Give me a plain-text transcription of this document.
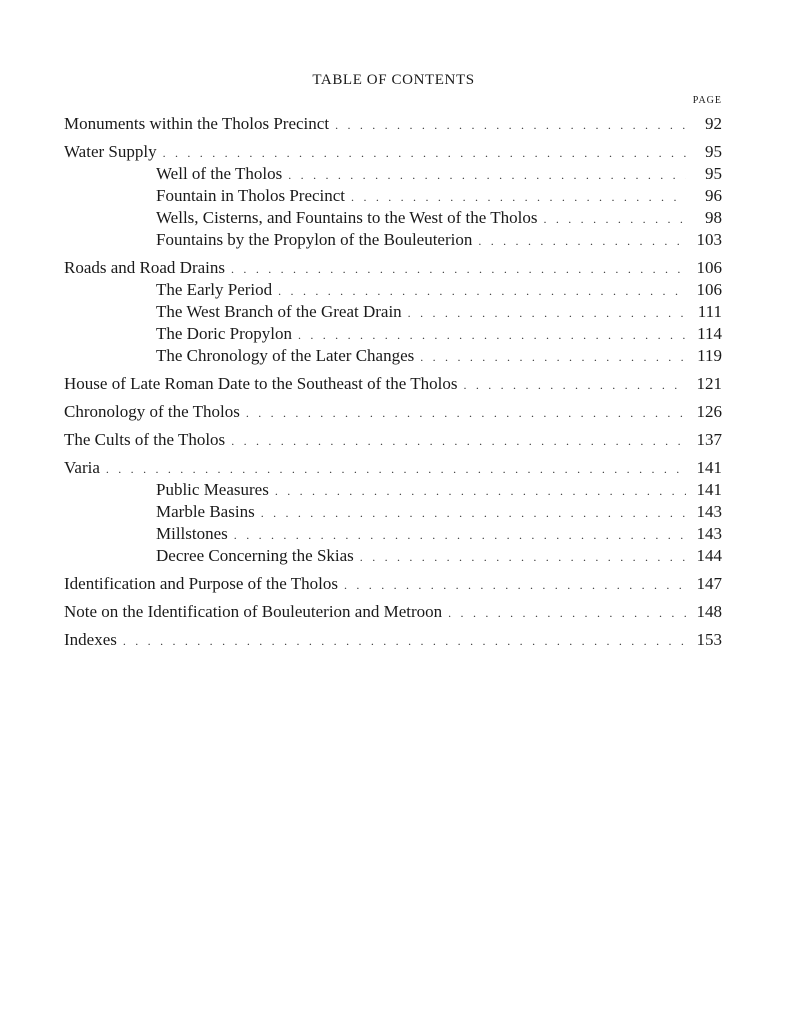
TABLE OF CONTENTS
PAGE
Monuments within the Tholos Precinct . . .	92
Water Supply . . .	95
Well of the Tholos . . .	95
Fountain in Tholos Precinct . . .	96
Wells, Cisterns, and Fountains to the West of the Tholos . . .	98
Fountains by the Propylon of the Bouleuterion . . .	103
Roads and Road Drains . . .	106
The Early Period . . .	106
The West Branch of the Great Drain . . .	111
The Doric Propylon . . .	114
The Chronology of the Later Changes . . .	119
House of Late Roman Date to the Southeast of the Tholos . . .	121
Chronology of the Tholos . . .	126
The Cults of the Tholos . . .	137
Varia . . .	141
Public Measures . . .	141
Marble Basins . . .	143
Millstones . . .	143
Decree Concerning the Skias . . .	144
Identification and Purpose of the Tholos . . .	147
Note on the Identification of Bouleuterion and Metroon . . .	148
Indexes . . .	153
